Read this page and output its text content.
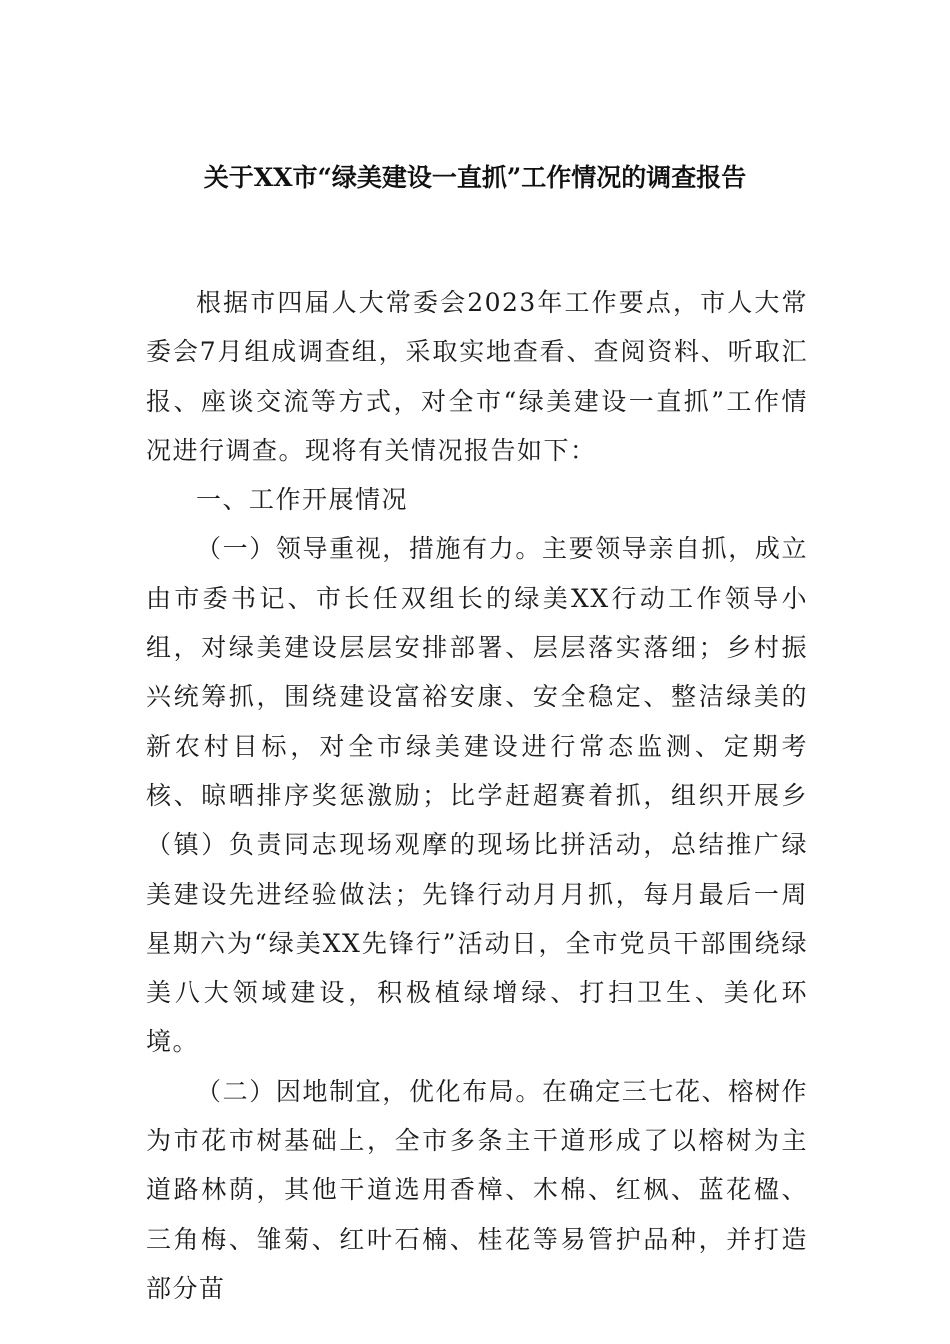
关于XX市“绿美建设一直抓”工作情况的调查报告

根据市四届人大常委会2023年工作要点，市人大常委会7月组成调查组，采取实地查看、查阅资料、听取汇报、座谈交流等方式，对全市“绿美建设一直抓”工作情况进行调查。现将有关情况报告如下：

一、工作开展情况

（一）领导重视，措施有力。主要领导亲自抓，成立由市委书记、市长任双组长的绿美XX行动工作领导小组，对绿美建设层层安排部署、层层落实落细；乡村振兴统筹抓，围绕建设富裕安康、安全稳定、整洁绿美的新农村目标，对全市绿美建设进行常态监测、定期考核、晾晒排序奖惩激励；比学赶超赛着抓，组织开展乡（镇）负责同志现场观摩的现场比拼活动，总结推广绿美建设先进经验做法；先锋行动月月抓，每月最后一周星期六为“绿美XX先锋行”活动日，全市党员干部围绕绿美八大领域建设，积极植绿增绿、打扫卫生、美化环境。

（二）因地制宜，优化布局。在确定三七花、榕树作为市花市树基础上，全市多条主干道形成了以榕树为主道路林荫，其他干道选用香樟、木棉、红枫、蓝花楹、三角梅、雏菊、红叶石楠、桂花等易管护品种，并打造部分苗
